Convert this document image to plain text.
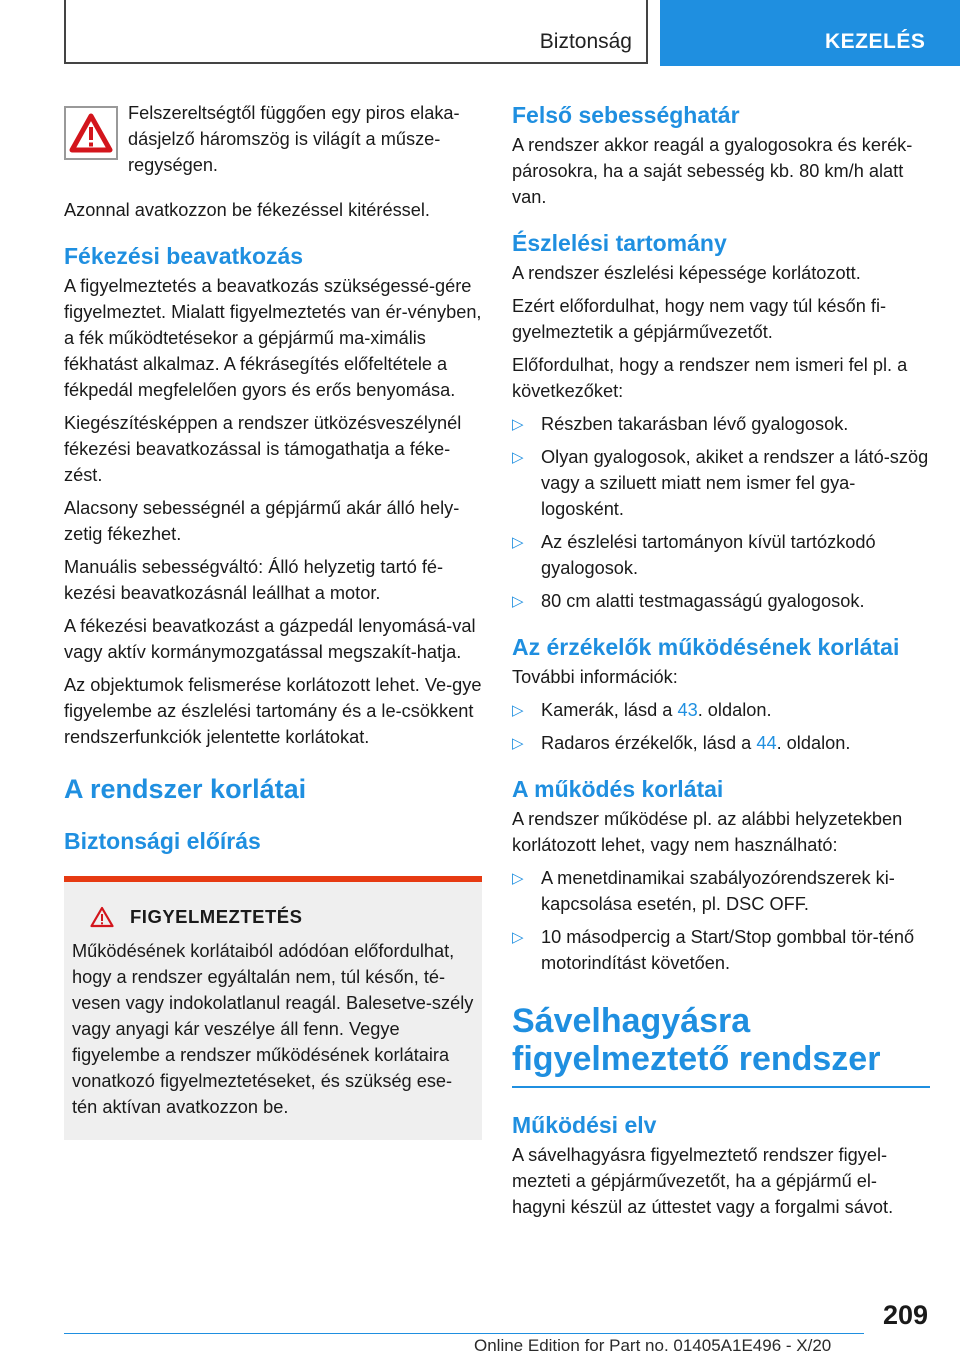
Biztonság	KEZELÉS

Felszereltségtől függően egy piros elaka‐dásjelző háromszög is világít a műsze‐regységen.

Azonnal avatkozzon be fékezéssel kitéréssel.

Fékezési beavatkozás

A figyelmeztetés a beavatkozás szükségessé‐gére figyelmeztet. Mialatt figyelmeztetés van ér‐vényben, a fék működtetésekor a gépjármű ma‐ximális fékhatást alkalmaz. A fékrásegítés előfeltétele a fékpedál megfelelően gyors és erős benyomása.

Kiegészítésképpen a rendszer ütközésveszélynél fékezési beavatkozással is támogathatja a féke‐zést.

Alacsony sebességnél a gépjármű akár álló hely‐zetig fékezhet.

Manuális sebességváltó: Álló helyzetig tartó fé‐kezési beavatkozásnál leállhat a motor.

A fékezési beavatkozást a gázpedál lenyomásá‐val vagy aktív kormánymozgatással megszakít‐hatja.

Az objektumok felismerése korlátozott lehet. Ve‐gye figyelembe az észlelési tartomány és a le‐csökkent rendszerfunkciók jelentette korlátokat.

A rendszer korlátai
Biztonsági előírás
FIGYELMEZTETÉS

Működésének korlátaiból adódóan előfordulhat, hogy a rendszer egyáltalán nem, túl későn, té‐vesen vagy indokolatlanul reagál. Balesetve‐szély vagy anyagi kár veszélye áll fenn. Vegye figyelembe a rendszer működésének korlátaira vonatkozó figyelmeztetéseket, és szükség ese‐tén aktívan avatkozzon be.

Felső sebességhatár

A rendszer akkor reagál a gyalogosokra és kerék‐párosokra, ha a saját sebesség kb. 80 km/h alatt van.

Észlelési tartomány

A rendszer észlelési képessége korlátozott.

Ezért előfordulhat, hogy nem vagy túl későn fi‐gyelmeztetik a gépjárművezetőt.

Előfordulhat, hogy a rendszer nem ismeri fel pl. a következőket:

▷ Részben takarásban lévő gyalogosok.
▷ Olyan gyalogosok, akiket a rendszer a látó‐szög vagy a sziluett miatt nem ismer fel gya‐logosként.
▷ Az észlelési tartományon kívül tartózkodó gyalogosok.
▷ 80 cm alatti testmagasságú gyalogosok.
Az érzékelők működésének korlátai

További információk:

▷ Kamerák, lásd a 43. oldalon.
▷ Radaros érzékelők, lásd a 44. oldalon.
A működés korlátai

A rendszer működése pl. az alábbi helyzetekben korlátozott lehet, vagy nem használható:

▷ A menetdinamikai szabályozórendszerek ki‐kapcsolása esetén, pl. DSC OFF.
▷ 10 másodpercig a Start/Stop gombbal tör‐ténő motorindítást követően.
Sávelhagyásra
figyelmeztető rendszer
Működési elv

A sávelhagyásra figyelmeztető rendszer figyel‐mezteti a gépjárművezetőt, ha a gépjármű el‐hagyni készül az úttestet vagy a forgalmi sávot.

209
Online Edition for Part no. 01405A1E496 - X/20
